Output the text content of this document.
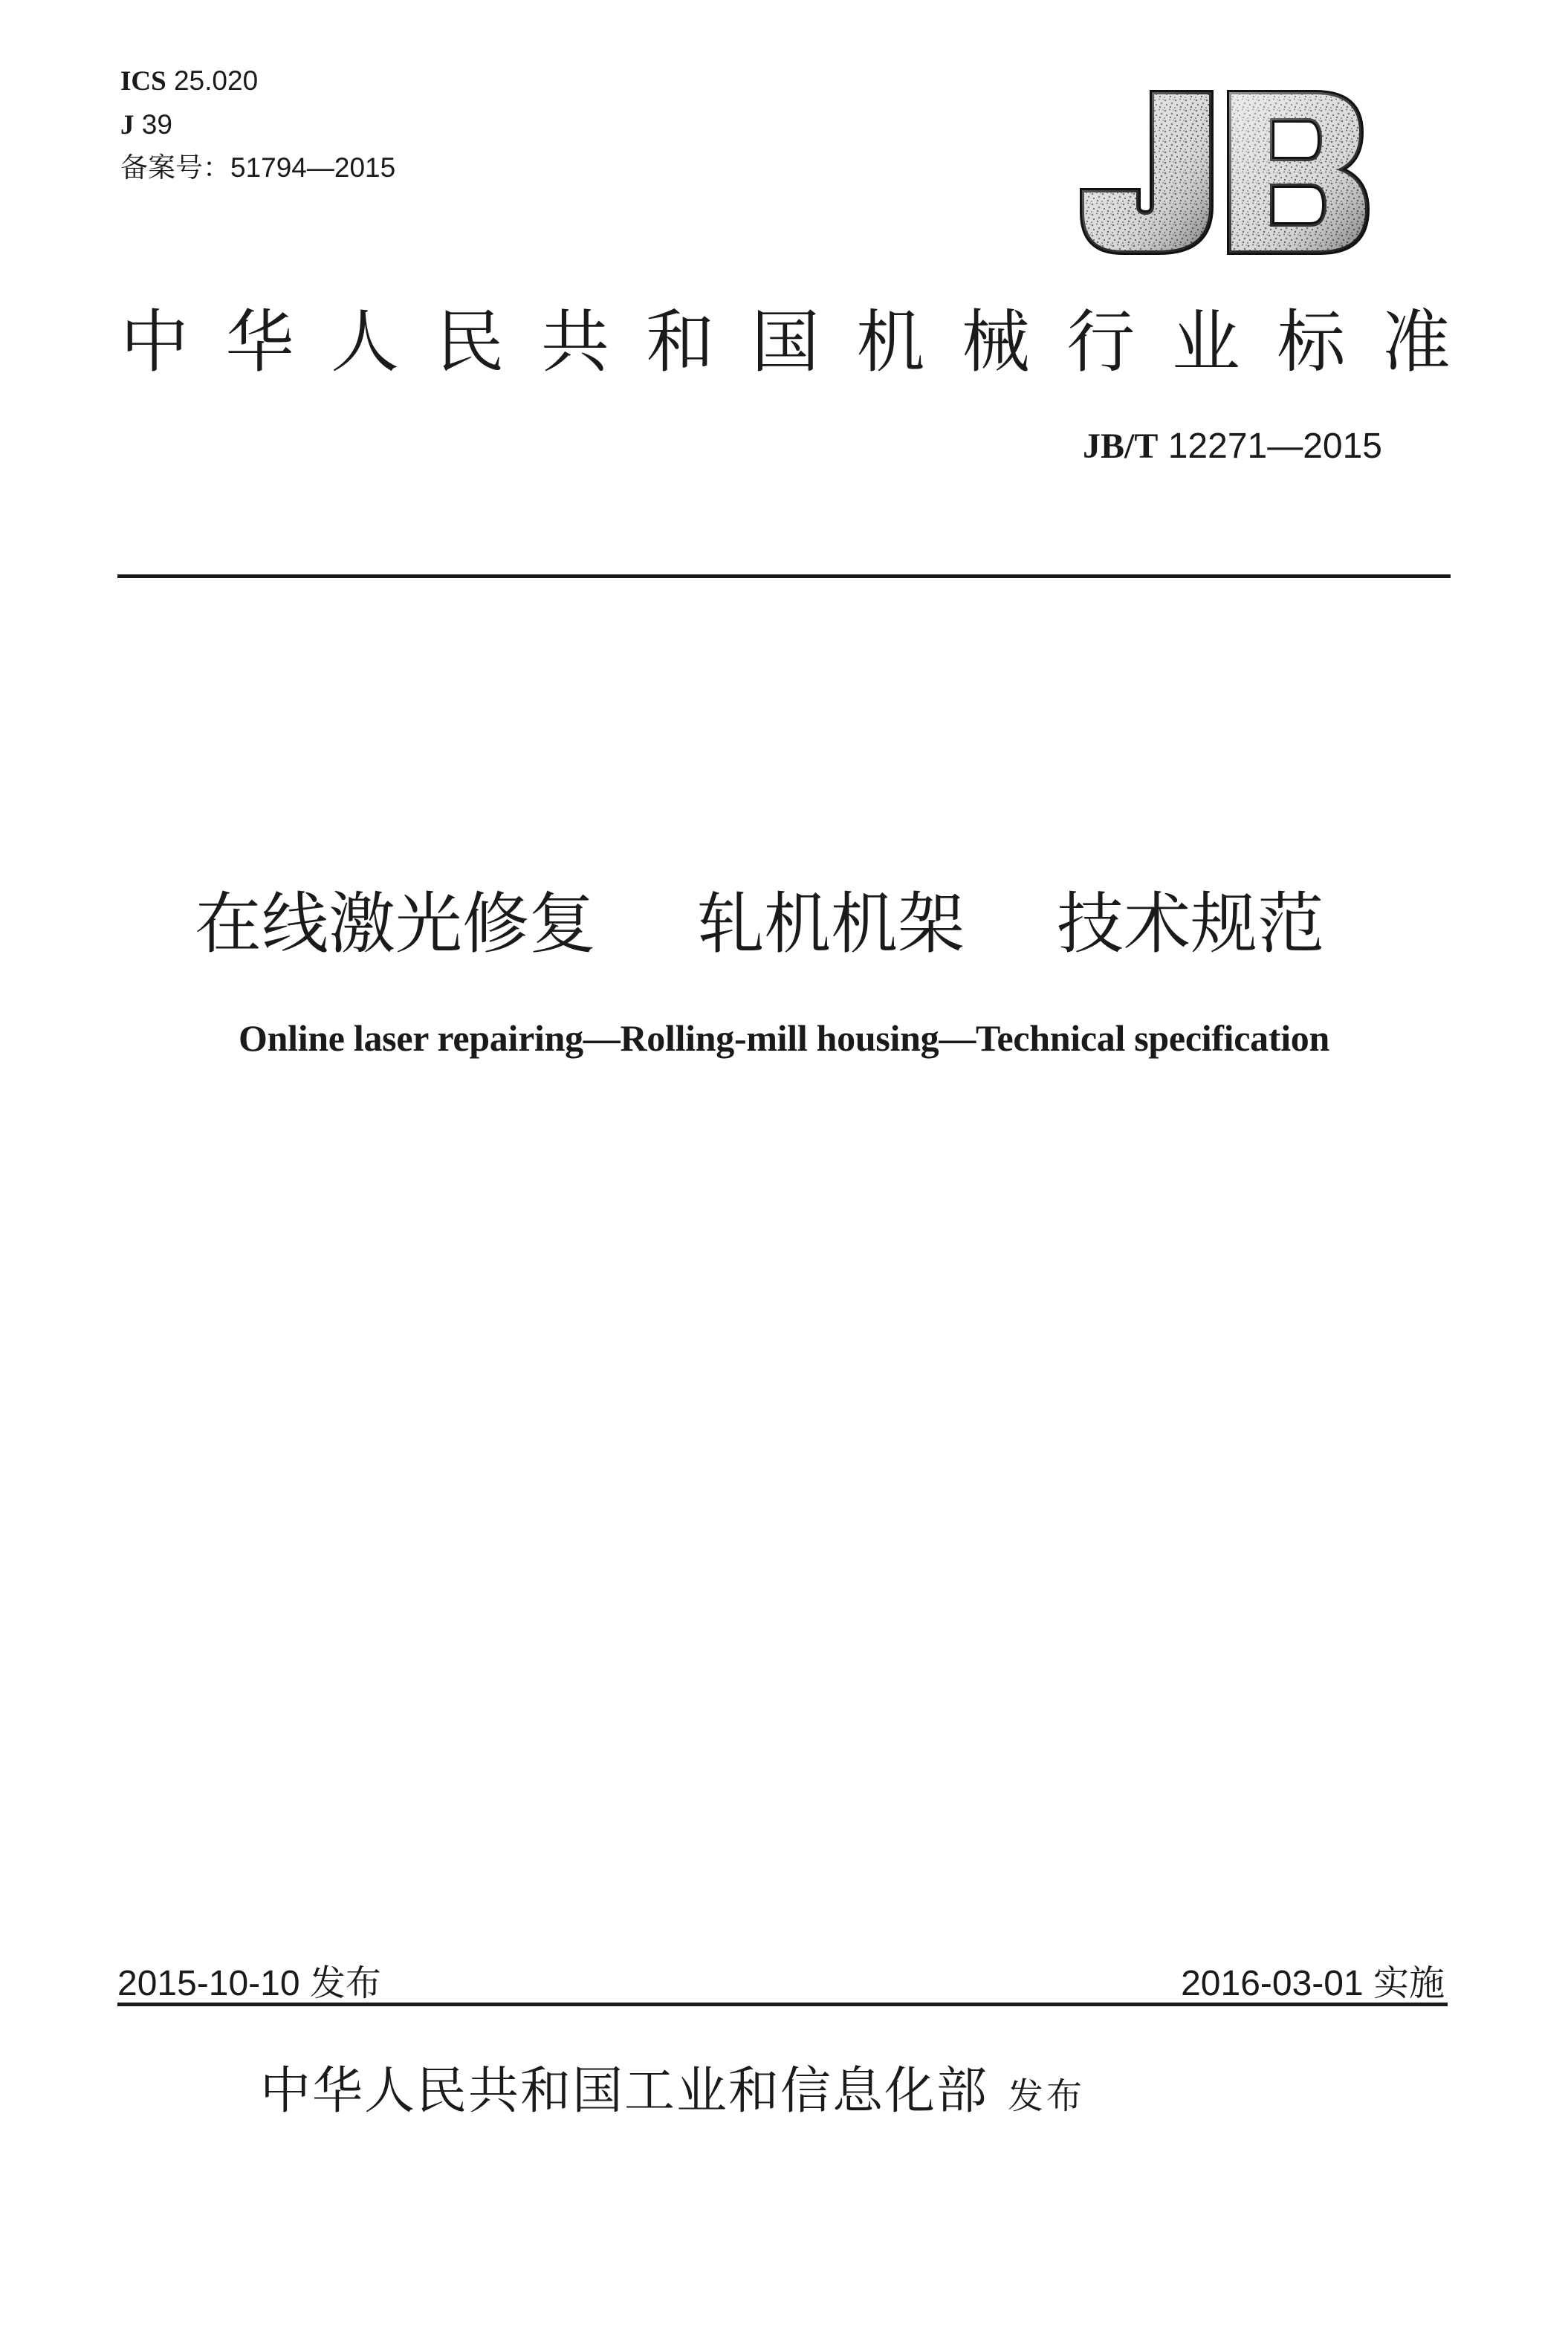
ICS 25.020
J 39
备案号：51794—2015
中 华 人 民 共 和 国 机 械 行 业 标 准
JB/T 12271—2015
在线激光修复 轧机机架 技术规范
Online laser repairing—Rolling-mill housing—Technical specification
2015-10-10 发布	2016-03-01 实施
中华人民共和国工业和信息化部 发布
